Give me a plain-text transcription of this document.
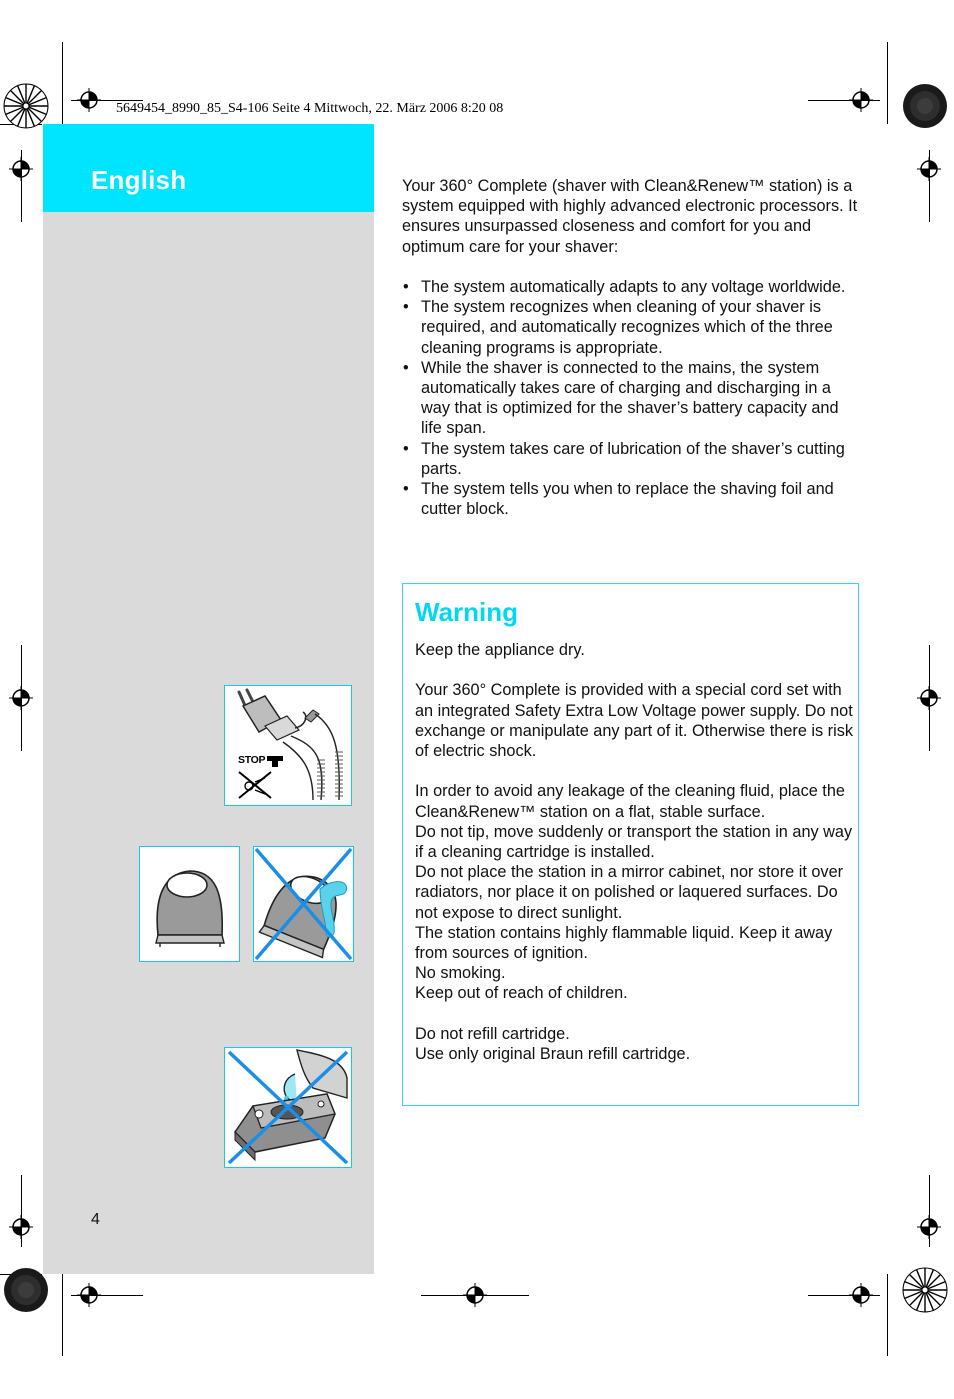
5649454_8990_85_S4-106 Seite 4 Mittwoch, 22. März 2006 8:20 08
English
STOP
4
Your 360° Complete (shaver with Clean&Renew™ station) is a system equipped with highly advanced electronic processors. It ensures unsurpassed closeness and comfort for you and optimum care for your shaver:
• The system automatically adapts to any voltage worldwide.
• The system recognizes when cleaning of your shaver is required, and automatically recognizes which of the three cleaning programs is appropriate.
• While the shaver is connected to the mains, the system automatically takes care of charging and discharging in a way that is optimized for the shaver’s battery capacity and life span.
• The system takes care of lubrication of the shaver’s cutting parts.
• The system tells you when to replace the shaving foil and cutter block.
Warning

Keep the appliance dry.

Your 360° Complete is provided with a special cord set with an integrated Safety Extra Low Voltage power supply. Do not exchange or manipulate any part of it. Otherwise there is risk of electric shock.

In order to avoid any leakage of the cleaning fluid, place the Clean&Renew™ station on a flat, stable surface.

Do not tip, move suddenly or transport the station in any way if a cleaning cartridge is installed.

Do not place the station in a mirror cabinet, nor store it over radiators, nor place it on polished or laquered surfaces. Do not expose to direct sunlight.

The station contains highly flammable liquid. Keep it away from sources of ignition.

No smoking.

Keep out of reach of children.

Do not refill cartridge.

Use only original Braun refill cartridge.
